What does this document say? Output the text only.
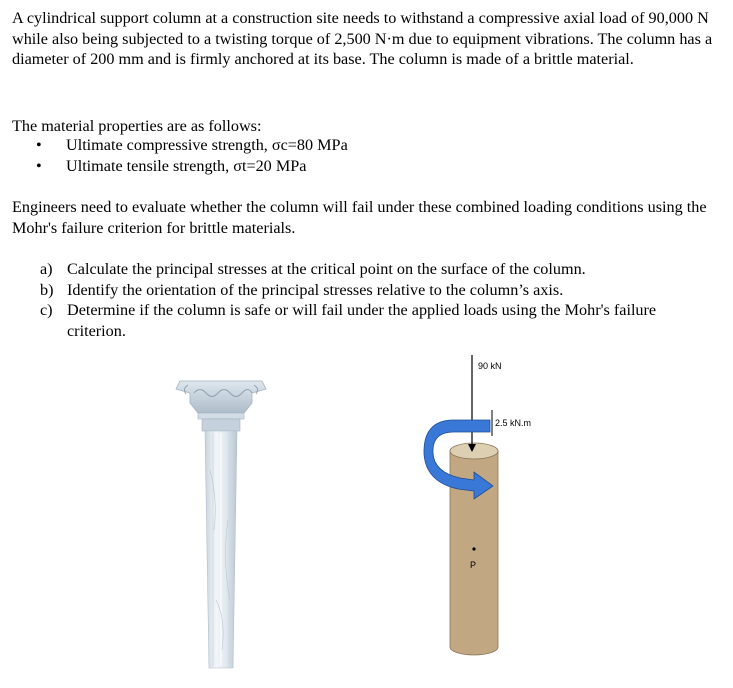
A cylindrical support column at a construction site needs to withstand a compressive axial load of 90,000 N while also being subjected to a twisting torque of 2,500 N·m due to equipment vibrations. The column has a diameter of 200 mm and is firmly anchored at its base. The column is made of a brittle material.
The material properties are as follows:
• Ultimate compressive strength, σc=80 MPa
• Ultimate tensile strength, σt=20 MPa
Engineers need to evaluate whether the column will fail under these combined loading conditions using the Mohr's failure criterion for brittle materials.
a) Calculate the principal stresses at the critical point on the surface of the column.
b) Identify the orientation of the principal stresses relative to the column’s axis.
c) Determine if the column is safe or will fail under the applied loads using the Mohr's failure criterion.
90 kN
2.5 kN.m
P
